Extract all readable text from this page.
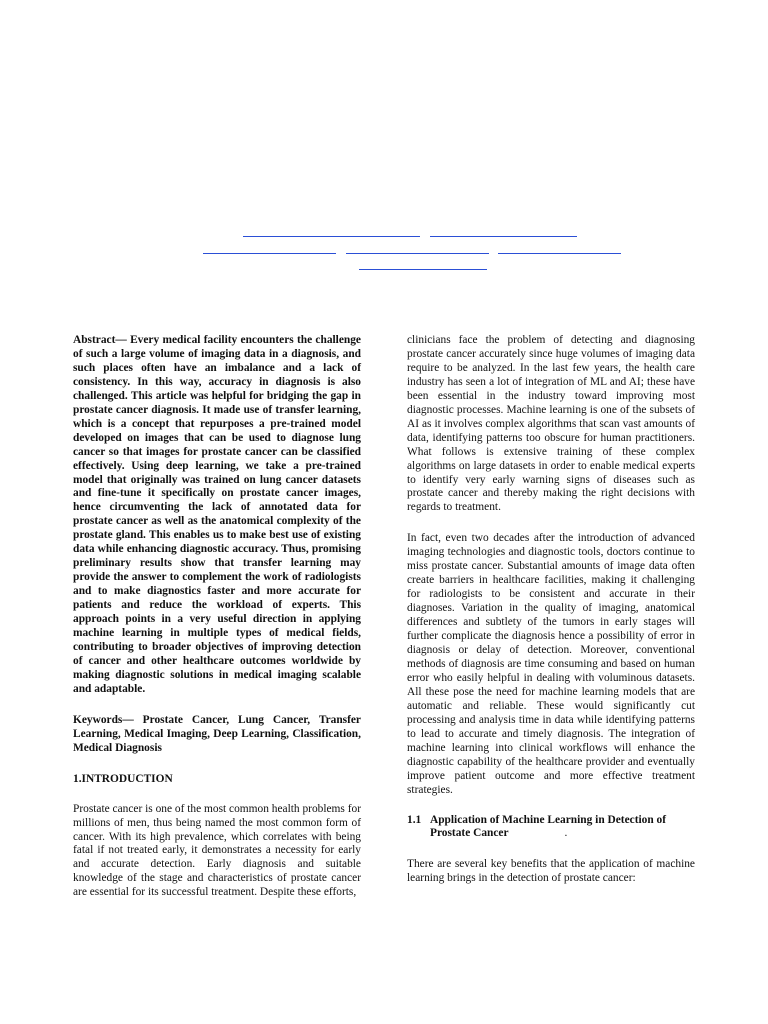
Abstract— Every medical facility encounters the challenge of such a large volume of imaging data in a diagnosis, and such places often have an imbalance and a lack of consistency. In this way, accuracy in diagnosis is also challenged. This article was helpful for bridging the gap in prostate cancer diagnosis. It made use of transfer learning, which is a concept that repurposes a pre-trained model developed on images that can be used to diagnose lung cancer so that images for prostate cancer can be classified effectively. Using deep learning, we take a pre-trained model that originally was trained on lung cancer datasets and fine-tune it specifically on prostate cancer images, hence circumventing the lack of annotated data for prostate cancer as well as the anatomical complexity of the prostate gland. This enables us to make best use of existing data while enhancing diagnostic accuracy. Thus, promising preliminary results show that transfer learning may provide the answer to complement the work of radiologists and to make diagnostics faster and more accurate for patients and reduce the workload of experts. This approach points in a very useful direction in applying machine learning in multiple types of medical fields, contributing to broader objectives of improving detection of cancer and other healthcare outcomes worldwide by making diagnostic solutions in medical imaging scalable and adaptable.

Keywords— Prostate Cancer, Lung Cancer, Transfer Learning, Medical Imaging, Deep Learning, Classification, Medical Diagnosis

1.INTRODUCTION

Prostate cancer is one of the most common health problems for millions of men, thus being named the most common form of cancer. With its high prevalence, which correlates with being fatal if not treated early, it demonstrates a necessity for early and accurate detection. Early diagnosis and suitable knowledge of the stage and characteristics of prostate cancer are essential for its successful treatment. Despite these efforts,

clinicians face the problem of detecting and diagnosing prostate cancer accurately since huge volumes of imaging data require to be analyzed. In the last few years, the health care industry has seen a lot of integration of ML and AI; these have been essential in the industry toward improving most diagnostic processes. Machine learning is one of the subsets of AI as it involves complex algorithms that scan vast amounts of data, identifying patterns too obscure for human practitioners. What follows is extensive training of these complex algorithms on large datasets in order to enable medical experts to identify very early warning signs of diseases such as prostate cancer and thereby making the right decisions with regards to treatment.

In fact, even two decades after the introduction of advanced imaging technologies and diagnostic tools, doctors continue to miss prostate cancer. Substantial amounts of image data often create barriers in healthcare facilities, making it challenging for radiologists to be consistent and accurate in their diagnoses. Variation in the quality of imaging, anatomical differences and subtlety of the tumors in early stages will further complicate the diagnosis hence a possibility of error in diagnosis or delay of detection. Moreover, conventional methods of diagnosis are time consuming and based on human error who easily helpful in dealing with voluminous datasets. All these pose the need for machine learning models that are automatic and reliable. These would significantly cut processing and analysis time in data while identifying patterns to lead to accurate and timely diagnosis. The integration of machine learning into clinical workflows will enhance the diagnostic capability of the healthcare provider and eventually improve patient outcome and more effective treatment strategies.

1.1 Application of Machine Learning in Detection of Prostate Cancer	.

There are several key benefits that the application of machine learning brings in the detection of prostate cancer:
